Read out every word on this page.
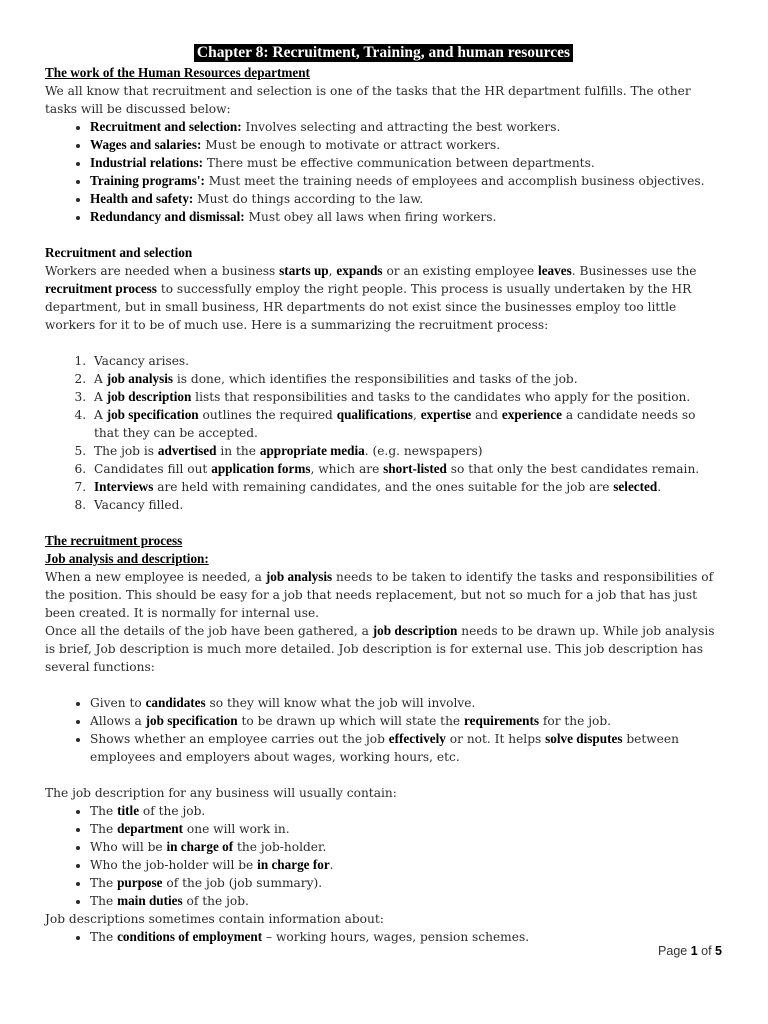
Chapter 8: Recruitment, Training, and human resources
The work of the Human Resources department

We all know that recruitment and selection is one of the tasks that the HR department fulfills. The other tasks will be discussed below:

• Recruitment and selection: Involves selecting and attracting the best workers.
• Wages and salaries: Must be enough to motivate or attract workers.
• Industrial relations: There must be effective communication between departments.
• Training programs': Must meet the training needs of employees and accomplish business objectives.
• Health and safety: Must do things according to the law.
• Redundancy and dismissal: Must obey all laws when firing workers.
Recruitment and selection

Workers are needed when a business starts up, expands or an existing employee leaves. Businesses use the recruitment process to successfully employ the right people. This process is usually undertaken by the HR department, but in small business, HR departments do not exist since the businesses employ too little workers for it to be of much use. Here is a summarizing the recruitment process:

1. Vacancy arises.
2. A job analysis is done, which identifies the responsibilities and tasks of the job.
3. A job description lists that responsibilities and tasks to the candidates who apply for the position.
4. A job specification outlines the required qualifications, expertise and experience a candidate needs so that they can be accepted.
5. The job is advertised in the appropriate media. (e.g. newspapers)
6. Candidates fill out application forms, which are short-listed so that only the best candidates remain.
7. Interviews are held with remaining candidates, and the ones suitable for the job are selected.
8. Vacancy filled.
The recruitment process
Job analysis and description:

When a new employee is needed, a job analysis needs to be taken to identify the tasks and responsibilities of the position. This should be easy for a job that needs replacement, but not so much for a job that has just been created. It is normally for internal use.

Once all the details of the job have been gathered, a job description needs to be drawn up. While job analysis is brief, Job description is much more detailed. Job description is for external use. This job description has several functions:

• Given to candidates so they will know what the job will involve.
• Allows a job specification to be drawn up which will state the requirements for the job.
• Shows whether an employee carries out the job effectively or not. It helps solve disputes between employees and employers about wages, working hours, etc.

The job description for any business will usually contain:

• The title of the job.
• The department one will work in.
• Who will be in charge of the job-holder.
• Who the job-holder will be in charge for.
• The purpose of the job (job summary).
• The main duties of the job.

Job descriptions sometimes contain information about:

• The conditions of employment – working hours, wages, pension schemes.
Page 1 of 5
